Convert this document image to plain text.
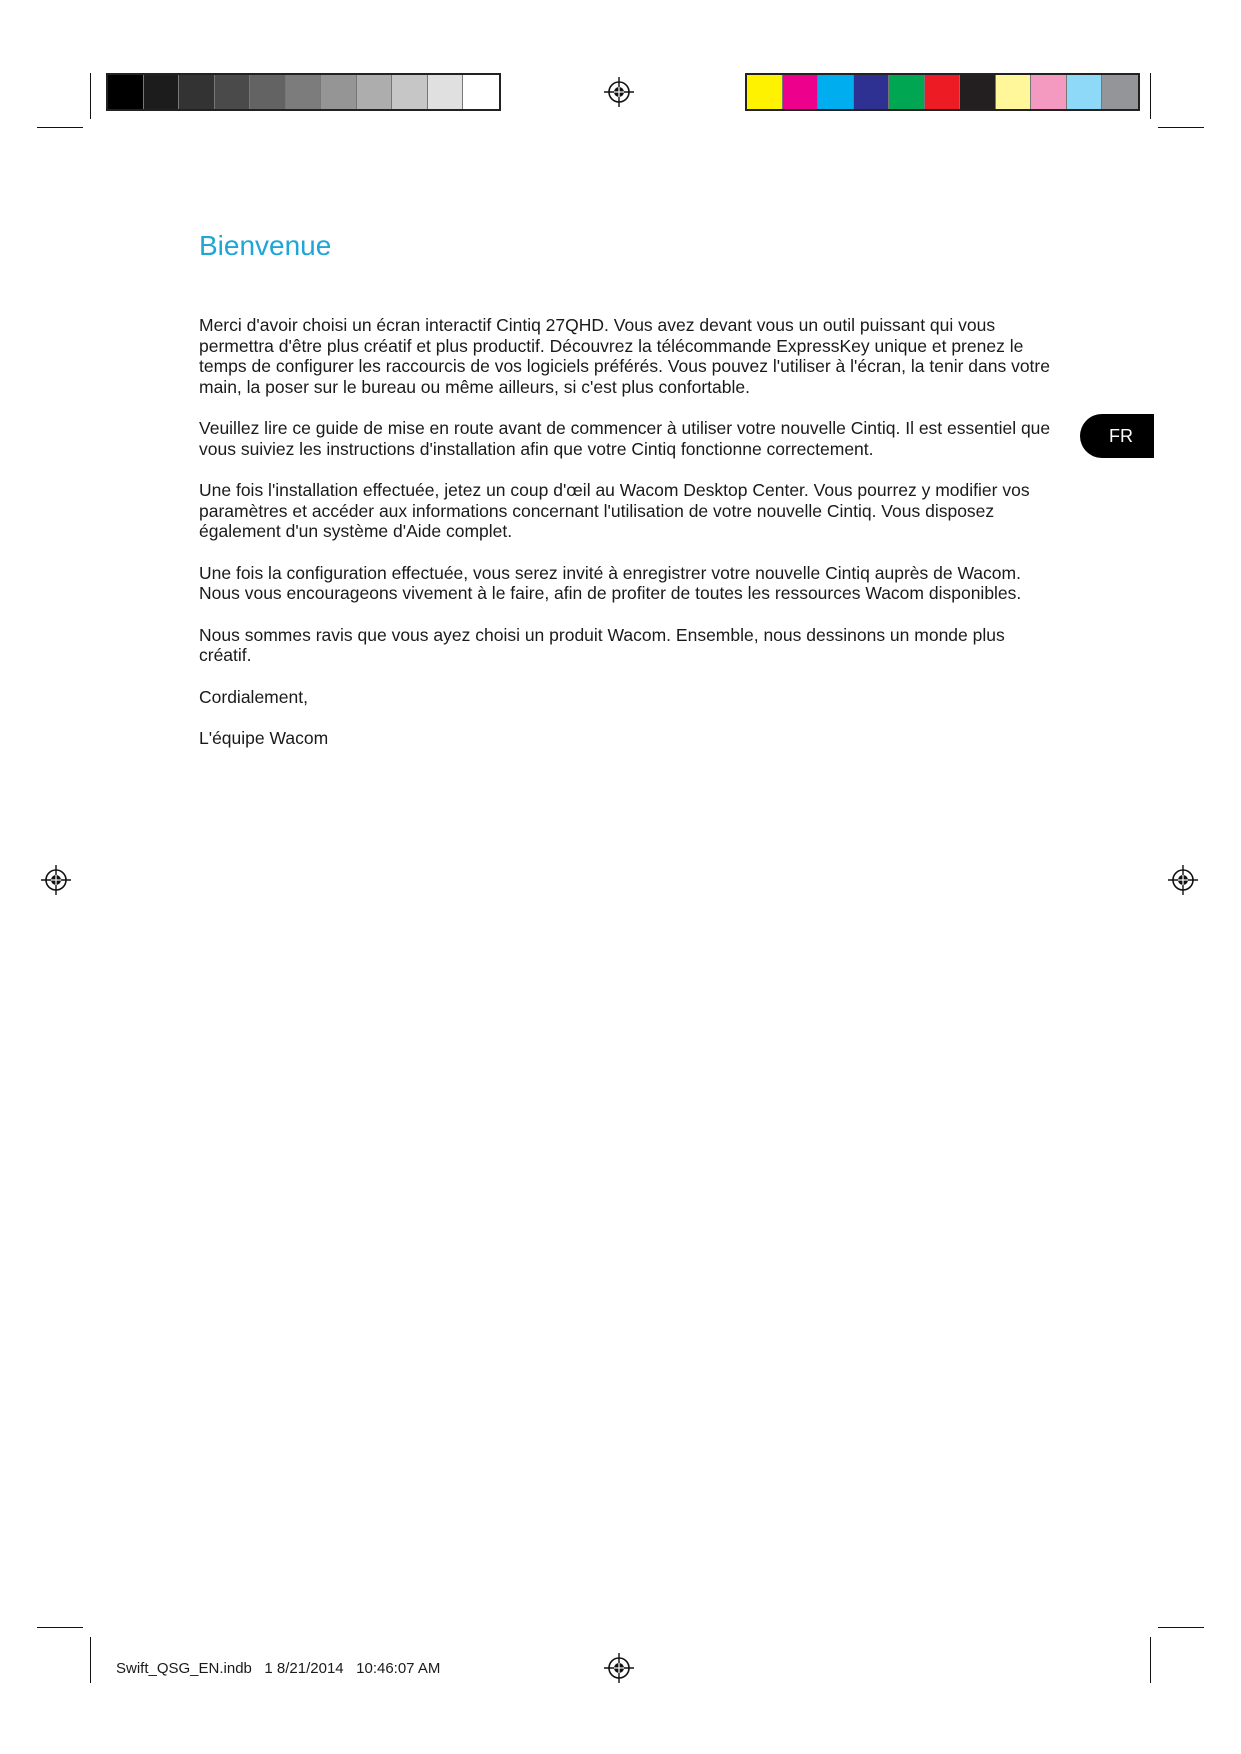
Bienvenue

Merci d'avoir choisi un écran interactif Cintiq 27QHD. Vous avez devant vous un outil puissant qui vous permettra d'être plus créatif et plus productif. Découvrez la télécommande ExpressKey unique et prenez le temps de configurer les raccourcis de vos logiciels préférés. Vous pouvez l'utiliser à l'écran, la tenir dans votre main, la poser sur le bureau ou même ailleurs, si c'est plus confortable.

Veuillez lire ce guide de mise en route avant de commencer à utiliser votre nouvelle Cintiq. Il est essentiel que vous suiviez les instructions d'installation afin que votre Cintiq fonctionne correctement.

Une fois l'installation effectuée, jetez un coup d'œil au Wacom Desktop Center. Vous pourrez y modifier vos paramètres et accéder aux informations concernant l'utilisation de votre nouvelle Cintiq. Vous disposez également d'un système d'Aide complet.

Une fois la configuration effectuée, vous serez invité à enregistrer votre nouvelle Cintiq auprès de Wacom. Nous vous encourageons vivement à le faire, afin de profiter de toutes les ressources Wacom disponibles.

Nous sommes ravis que vous ayez choisi un produit Wacom. Ensemble, nous dessinons un monde plus créatif.

Cordialement,

L'équipe Wacom

FR
Swift_QSG_EN.indb   1 8/21/2014   10:46:07 AM
